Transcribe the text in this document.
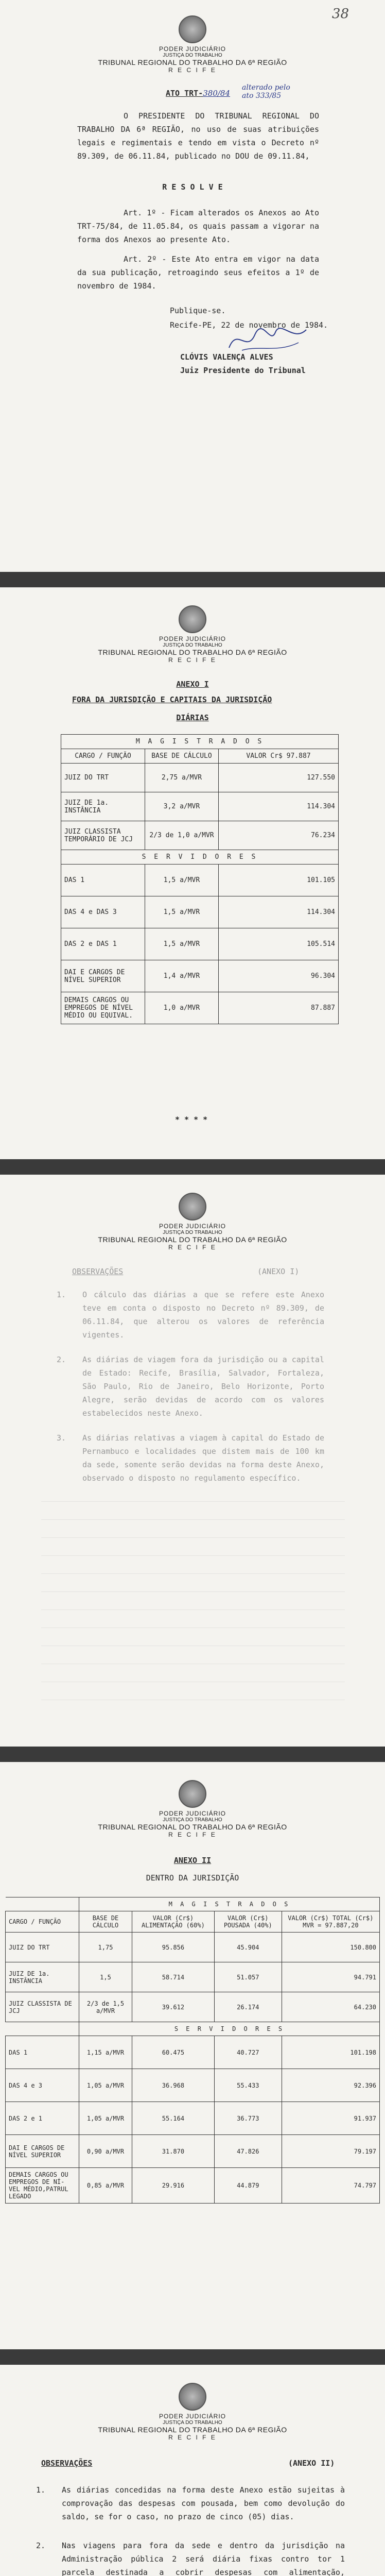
38
PODER JUDICIÁRIO
JUSTIÇA DO TRABALHO
TRIBUNAL REGIONAL DO TRABALHO DA 6ª REGIÃO
R E C I F E
ATO TRT-380/84
alterado pelo
ato 333/85
O PRESIDENTE DO TRIBUNAL REGIONAL DO TRABALHO DA 6ª REGIÃO, no uso de suas atribuições legais e regimentais e tendo em vista o Decreto nº 89.309, de 06.11.84, publicado no DOU de 09.11.84,
R E S O L V E
Art. 1º - Ficam alterados os Anexos ao Ato TRT-75/84, de 11.05.84, os quais passam a vigorar na forma dos Anexos ao presente Ato.
Art. 2º - Este Ato entra em vigor na data da sua publicação, retroagindo seus efeitos a 1º de novembro de 1984.
Publique-se.
Recife-PE, 22 de novembro de 1984.
CLÓVIS VALENÇA ALVES
Juiz Presidente do Tribunal
PODER JUDICIÁRIO
JUSTIÇA DO TRABALHO
TRIBUNAL REGIONAL DO TRABALHO DA 6ª REGIÃO
R E C I F E
ANEXO I
FORA DA JURISDIÇÃO E CAPITAIS DA JURISDIÇÃO
DIÁRIAS
M A G I S T R A D O S		
CARGO / FUNÇÃO	BASE DE CÁLCULO	VALOR Cr$ 97.887
JUIZ DO TRT	2,75 a/MVR	127.550
JUIZ DE 1a. INSTÂNCIA	3,2 a/MVR	114.304
JUIZ CLASSISTA TEMPORÁRIO DE JCJ	2/3 de 1,0 a/MVR	76.234
S E R V I D O R E S		
DAS 1	1,5 a/MVR	101.105
DAS 4 e DAS 3	1,5 a/MVR	114.304
DAS 2 e DAS 1	1,5 a/MVR	105.514
DAI E CARGOS DE NÍVEL SUPERIOR	1,4 a/MVR	96.304
DEMAIS CARGOS OU EMPREGOS DE NÍVEL MÉDIO OU EQUIVAL.	1,0 a/MVR	87.887
* * * *
PODER JUDICIÁRIO
JUSTIÇA DO TRABALHO
TRIBUNAL REGIONAL DO TRABALHO DA 6ª REGIÃO
R E C I F E
OBSERVAÇÕES	(ANEXO I)
1.	O cálculo das diárias a que se refere este Anexo teve em conta o disposto no Decreto nº 89.309, de 06.11.84, que alterou os valores de referência vigentes.
2.	As diárias de viagem fora da jurisdição ou a capital de Estado: Recife, Brasília, Salvador, Fortaleza, São Paulo, Rio de Janeiro, Belo Horizonte, Porto Alegre, serão devidas de acordo com os valores estabelecidos neste Anexo.
3.	As diárias relativas a viagem à capital do Estado de Pernambuco e localidades que distem mais de 100 km da sede, somente serão devidas na forma deste Anexo, observado o disposto no regulamento específico.
PODER JUDICIÁRIO
JUSTIÇA DO TRABALHO
TRIBUNAL REGIONAL DO TRABALHO DA 6ª REGIÃO
R E C I F E
ANEXO II
DENTRO DA JURISDIÇÃO
	M A G I S T R A D O S			
CARGO / FUNÇÃO	BASE DE CÁLCULO	VALOR (Cr$) ALIMENTAÇÃO (60%)	VALOR (Cr$) POUSADA (40%)	VALOR (Cr$) TOTAL (Cr$) MVR = 97.887,20
JUIZ DO TRT	1,75	95.856	45.904	150.800
JUIZ DE 1a. INSTÂNCIA	1,5	58.714	51.057	94.791
JUIZ CLASSISTA DE JCJ	2/3 de 1,5 a/MVR	39.612	26.174	64.230
	S E R V I D O R E S			
DAS 1	1,15 a/MVR	60.475	40.727	101.198
DAS 4 e 3	1,05 a/MVR	36.968	55.433	92.396
DAS 2 e 1	1,05 a/MVR	55.164	36.773	91.937
DAI E CARGOS DE NÍVEL SUPERIOR	0,90 a/MVR	31.870	47.826	79.197
DEMAIS CARGOS OU EMPREGOS DE NÍ- VEL MÉDIO,PATRUL LEGADO	0,85 a/MVR	29.916	44.879	74.797
PODER JUDICIÁRIO
JUSTIÇA DO TRABALHO
TRIBUNAL REGIONAL DO TRABALHO DA 6ª REGIÃO
R E C I F E
OBSERVAÇÕES	(ANEXO II)
1.	As diárias concedidas na forma deste Anexo estão sujeitas à comprovação das despesas com pousada, bem como devolução do saldo, se for o caso, no prazo de cinco (05) dias.
2.	Nas viagens para fora da sede e dentro da jurisdição na Administração pública 2 será diária fixas contro tor 1 parcela destinada a cobrir despesas com alimentação,
